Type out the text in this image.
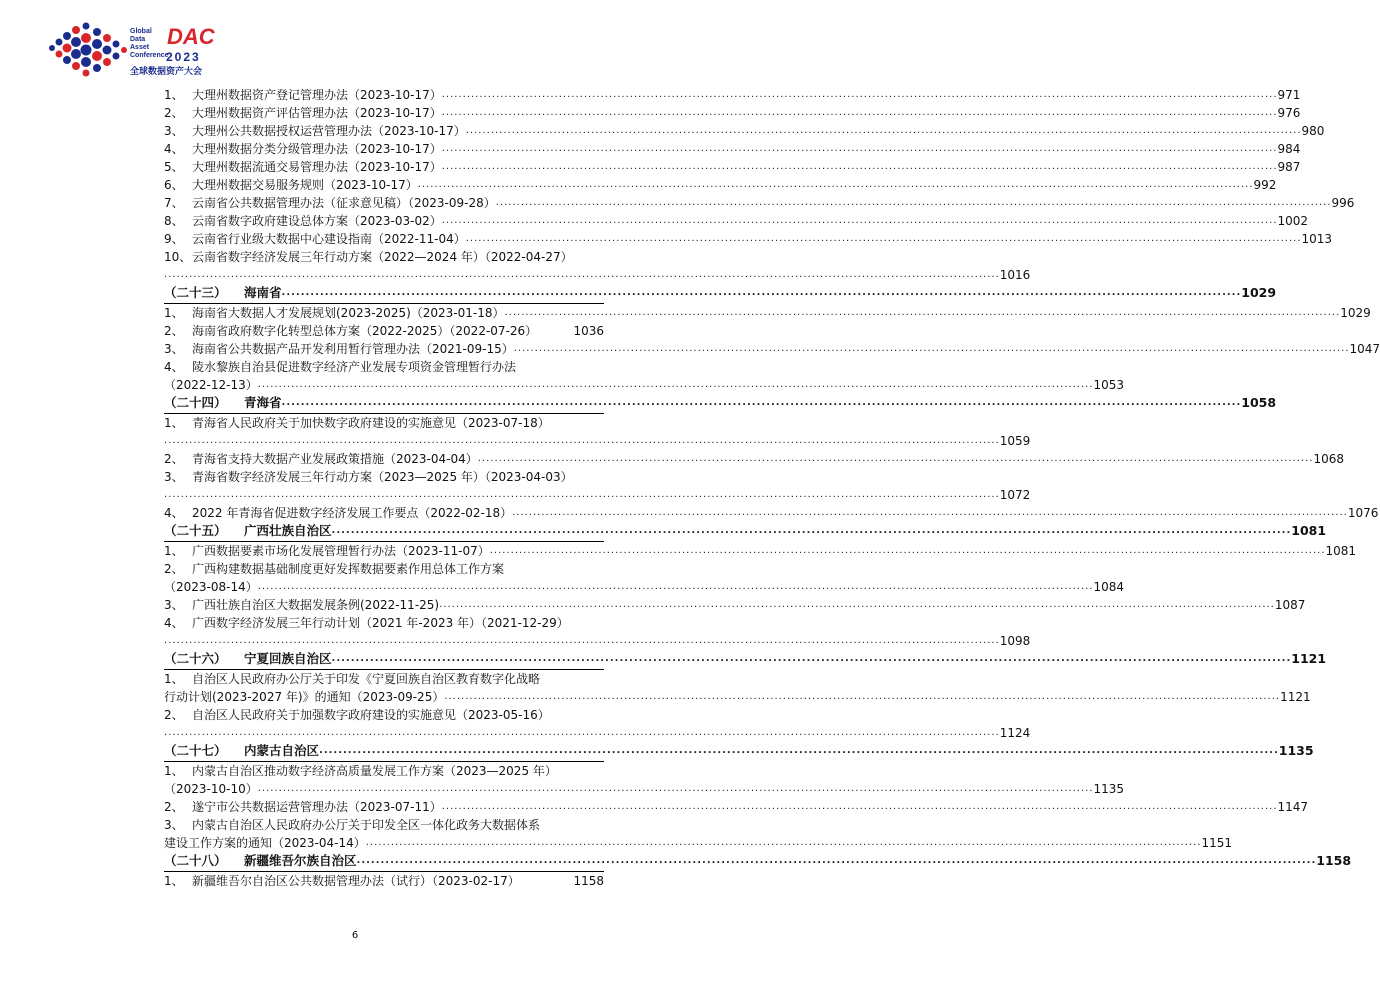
Global
Data
Asset
Conference
DAC
2023
全球数据资产大会
1、 大理州数据资产登记管理办法（2023-10-17） ........................................................................................................................................................................................................ 971
2、 大理州数据资产评估管理办法（2023-10-17） ........................................................................................................................................................................................................ 976
3、 大理州公共数据授权运营管理办法（2023-10-17） ........................................................................................................................................................................................................ 980
4、 大理州数据分类分级管理办法（2023-10-17） ........................................................................................................................................................................................................ 984
5、 大理州数据流通交易管理办法（2023-10-17） ........................................................................................................................................................................................................ 987
6、 大理州数据交易服务规则（2023-10-17） ........................................................................................................................................................................................................ 992
7、 云南省公共数据管理办法（征求意见稿）（2023-09-28） ........................................................................................................................................................................................................ 996
8、 云南省数字政府建设总体方案（2023-03-02） ........................................................................................................................................................................................................ 1002
9、 云南省行业级大数据中心建设指南（2022-11-04） ........................................................................................................................................................................................................ 1013
10、云南省数字经济发展三年行动方案（2022—2024 年）（2022-04-27）
........................................................................................................................................................................................................ 1016
（二十三） 海南省 ........................................................................................................................................................................................................ 1029
1、 海南省大数据人才发展规划(2023-2025)（2023-01-18） ........................................................................................................................................................................................................ 1029
2、 海南省政府数字化转型总体方案（2022-2025）（2022-07-26）	1036
3、 海南省公共数据产品开发利用暂行管理办法（2021-09-15） ........................................................................................................................................................................................................ 1047
4、 陵水黎族自治县促进数字经济产业发展专项资金管理暂行办法
（2022-12-13） ........................................................................................................................................................................................................ 1053
（二十四） 青海省 ........................................................................................................................................................................................................ 1058
1、 青海省人民政府关于加快数字政府建设的实施意见（2023-07-18）
........................................................................................................................................................................................................ 1059
2、 青海省支持大数据产业发展政策措施（2023-04-04） ........................................................................................................................................................................................................ 1068
3、 青海省数字经济发展三年行动方案（2023—2025 年）（2023-04-03）
........................................................................................................................................................................................................ 1072
4、 2022 年青海省促进数字经济发展工作要点（2022-02-18） ........................................................................................................................................................................................................ 1076
（二十五） 广西壮族自治区 ........................................................................................................................................................................................................ 1081
1、 广西数据要素市场化发展管理暂行办法（2023-11-07） ........................................................................................................................................................................................................ 1081
2、 广西构建数据基础制度更好发挥数据要素作用总体工作方案
（2023-08-14） ........................................................................................................................................................................................................ 1084
3、 广西壮族自治区大数据发展条例(2022-11-25) ........................................................................................................................................................................................................ 1087
4、 广西数字经济发展三年行动计划（2021 年-2023 年）（2021-12-29）
........................................................................................................................................................................................................ 1098
（二十六） 宁夏回族自治区 ........................................................................................................................................................................................................ 1121
1、 自治区人民政府办公厅关于印发《宁夏回族自治区教育数字化战略
行动计划(2023-2027 年)》的通知（2023-09-25） ........................................................................................................................................................................................................ 1121
2、 自治区人民政府关于加强数字政府建设的实施意见（2023-05-16）
........................................................................................................................................................................................................ 1124
（二十七） 内蒙古自治区 ........................................................................................................................................................................................................ 1135
1、 内蒙古自治区推动数字经济高质量发展工作方案（2023—2025 年）
（2023-10-10） ........................................................................................................................................................................................................ 1135
2、 遂宁市公共数据运营管理办法（2023-07-11） ........................................................................................................................................................................................................ 1147
3、 内蒙古自治区人民政府办公厅关于印发全区一体化政务大数据体系
建设工作方案的通知（2023-04-14） ........................................................................................................................................................................................................ 1151
（二十八） 新疆维吾尔族自治区 ........................................................................................................................................................................................................ 1158
1、 新疆维吾尔自治区公共数据管理办法（试行）（2023-02-17）	1158
6
